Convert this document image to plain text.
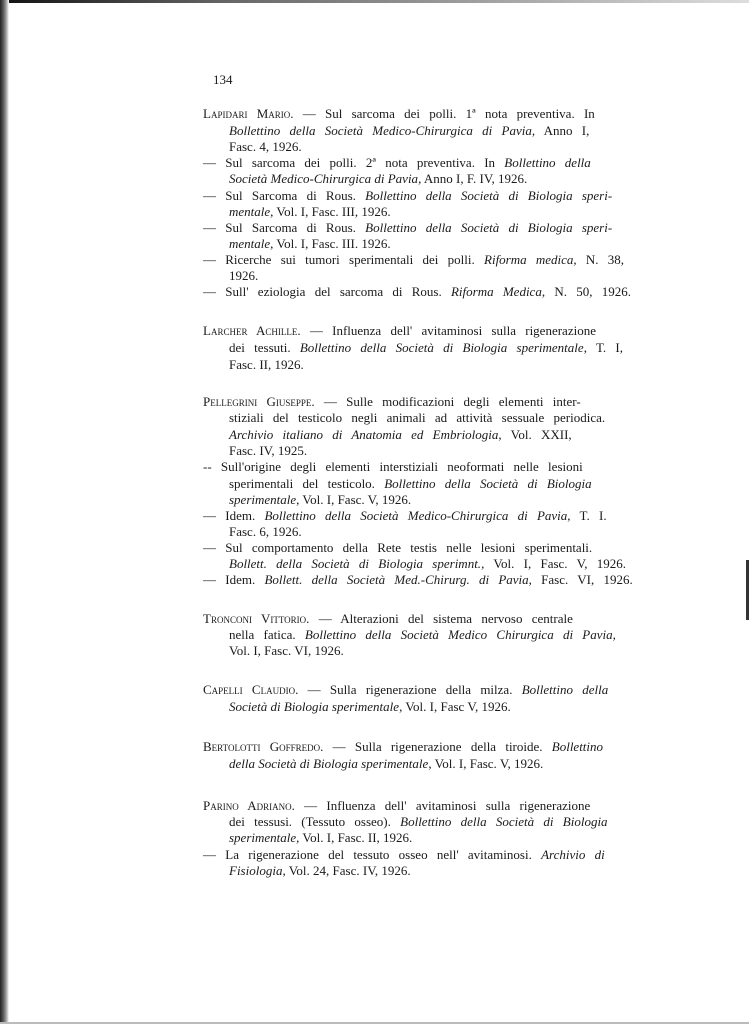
134
Lapidari Mario. — Sul sarcoma dei polli. 1ª nota preventiva. In
Bollettino della Società Medico-Chirurgica di Pavia, Anno I,
Fasc. 4, 1926.
— Sul sarcoma dei polli. 2ª nota preventiva. In Bollettino della
Società Medico-Chirurgica di Pavia, Anno I, F. IV, 1926.
— Sul Sarcoma di Rous. Bollettino della Società di Biologia speri-
mentale, Vol. I, Fasc. III, 1926.
— Sul Sarcoma di Rous. Bollettino della Società di Biologia speri-
mentale, Vol. I, Fasc. III. 1926.
— Ricerche sui tumori sperimentali dei polli. Riforma medica, N. 38,
1926.
— Sull' eziologia del sarcoma di Rous. Riforma Medica, N. 50, 1926.
Larcher Achille. — Influenza dell' avitaminosi sulla rigenerazione
dei tessuti. Bollettino della Società di Biologia sperimentale, T. I,
Fasc. II, 1926.
Pellegrini Giuseppe. — Sulle modificazioni degli elementi inter-
stiziali del testicolo negli animali ad attività sessuale periodica.
Archivio italiano di Anatomia ed Embriologia, Vol. XXII,
Fasc. IV, 1925.
-- Sull'origine degli elementi interstiziali neoformati nelle lesioni
sperimentali del testicolo. Bollettino della Società di Biologia
sperimentale, Vol. I, Fasc. V, 1926.
— Idem. Bollettino della Società Medico-Chirurgica di Pavia, T. I.
Fasc. 6, 1926.
— Sul comportamento della Rete testis nelle lesioni sperimentali.
Bollett. della Società di Biologia sperimnt., Vol. I, Fasc. V, 1926.
— Idem. Bollett. della Società Med.-Chirurg. di Pavia, Fasc. VI, 1926.
Tronconi Vittorio. — Alterazioni del sistema nervoso centrale
nella fatica. Bollettino della Società Medico Chirurgica di Pavia,
Vol. I, Fasc. VI, 1926.
Capelli Claudio. — Sulla rigenerazione della milza. Bollettino della
Società di Biologia sperimentale, Vol. I, Fasc V, 1926.
Bertolotti Goffredo. — Sulla rigenerazione della tiroide. Bollettino
della Società di Biologia sperimentale, Vol. I, Fasc. V, 1926.
Parino Adriano. — Influenza dell' avitaminosi sulla rigenerazione
dei tessusi. (Tessuto osseo). Bollettino della Società di Biologia
sperimentale, Vol. I, Fasc. II, 1926.
— La rigenerazione del tessuto osseo nell' avitaminosi. Archivio di
Fisiologia, Vol. 24, Fasc. IV, 1926.
